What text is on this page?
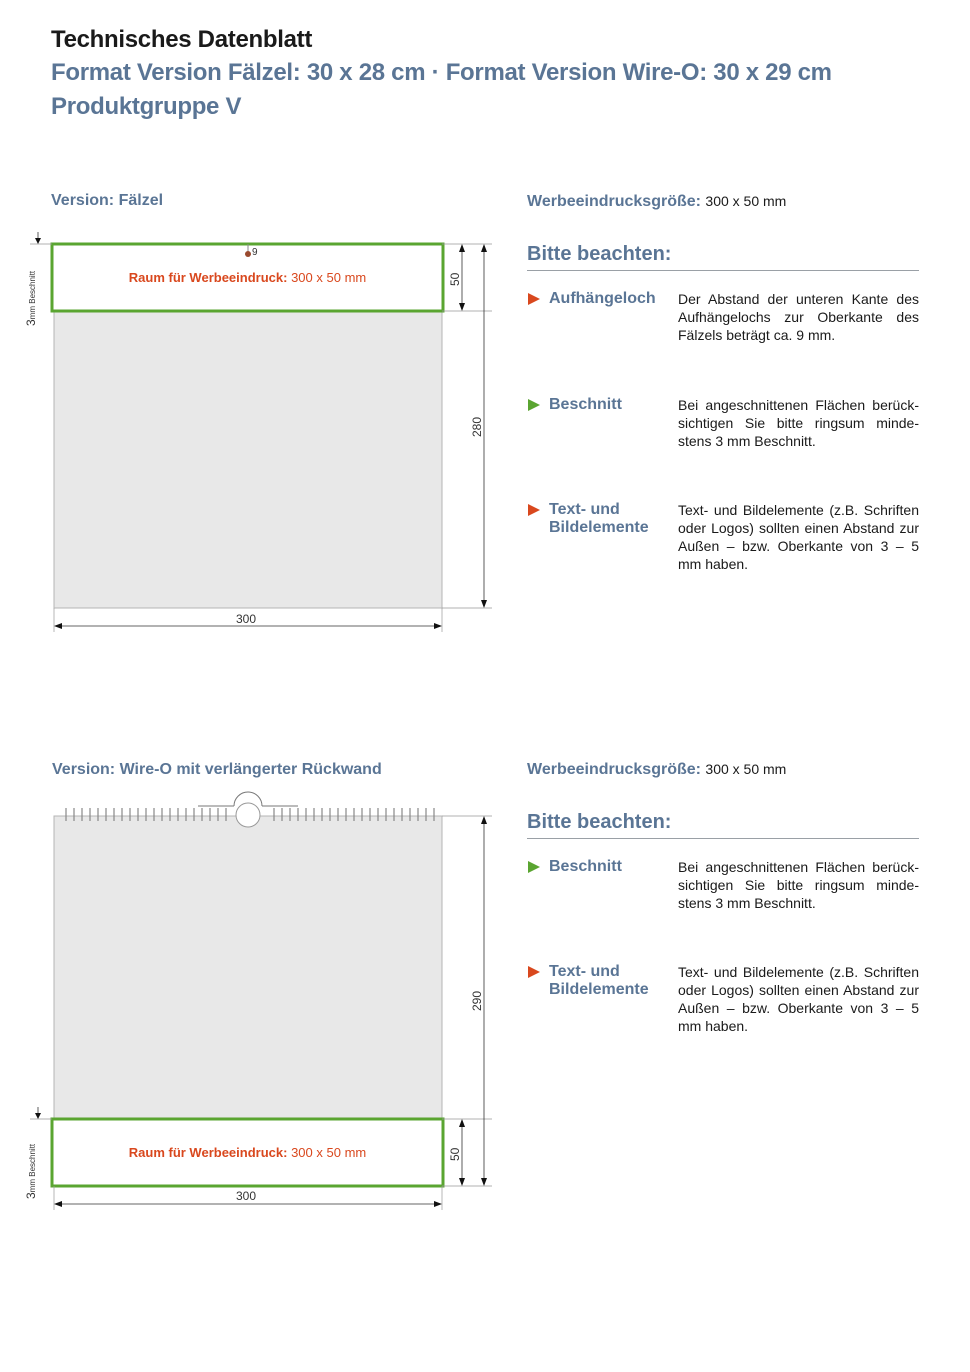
Technisches Datenblatt
Format Version Fälzel: 30 x 28 cm · Format Version Wire-O: 30 x 29 cm
Produktgruppe V
Version: Fälzel
9
Raum für Werbeeindruck: 300 x 50 mm	50
280
300
3mm Beschnitt
Werbeeindrucksgröße: 300 x 50 mm
Bitte beachten:
Aufhängeloch Der Abstand der unteren Kante des Aufhängelochs zur Oberkante des Fälzels beträgt ca. 9 mm.
Beschnitt	Bei angeschnittenen Flächen berück-sichtigen Sie bitte ringsum minde-stens 3 mm Beschnitt.
Text- und
Bildelemente
Text- und Bildelemente (z.B. Schriften oder Logos) sollten einen Abstand zur Außen – bzw. Oberkante von 3 – 5 mm haben.
Version: Wire-O mit verlängerter Rückwand
Raum für Werbeeindruck: 300 x 50 mm
290
50
300
3mm Beschnitt
Werbeeindrucksgröße: 300 x 50 mm
Bitte beachten:
Beschnitt	Bei angeschnittenen Flächen berück-sichtigen Sie bitte ringsum minde-stens 3 mm Beschnitt.
Text- und
Bildelemente
Text- und Bildelemente (z.B. Schriften oder Logos) sollten einen Abstand zur Außen – bzw. Oberkante von 3 – 5 mm haben.
